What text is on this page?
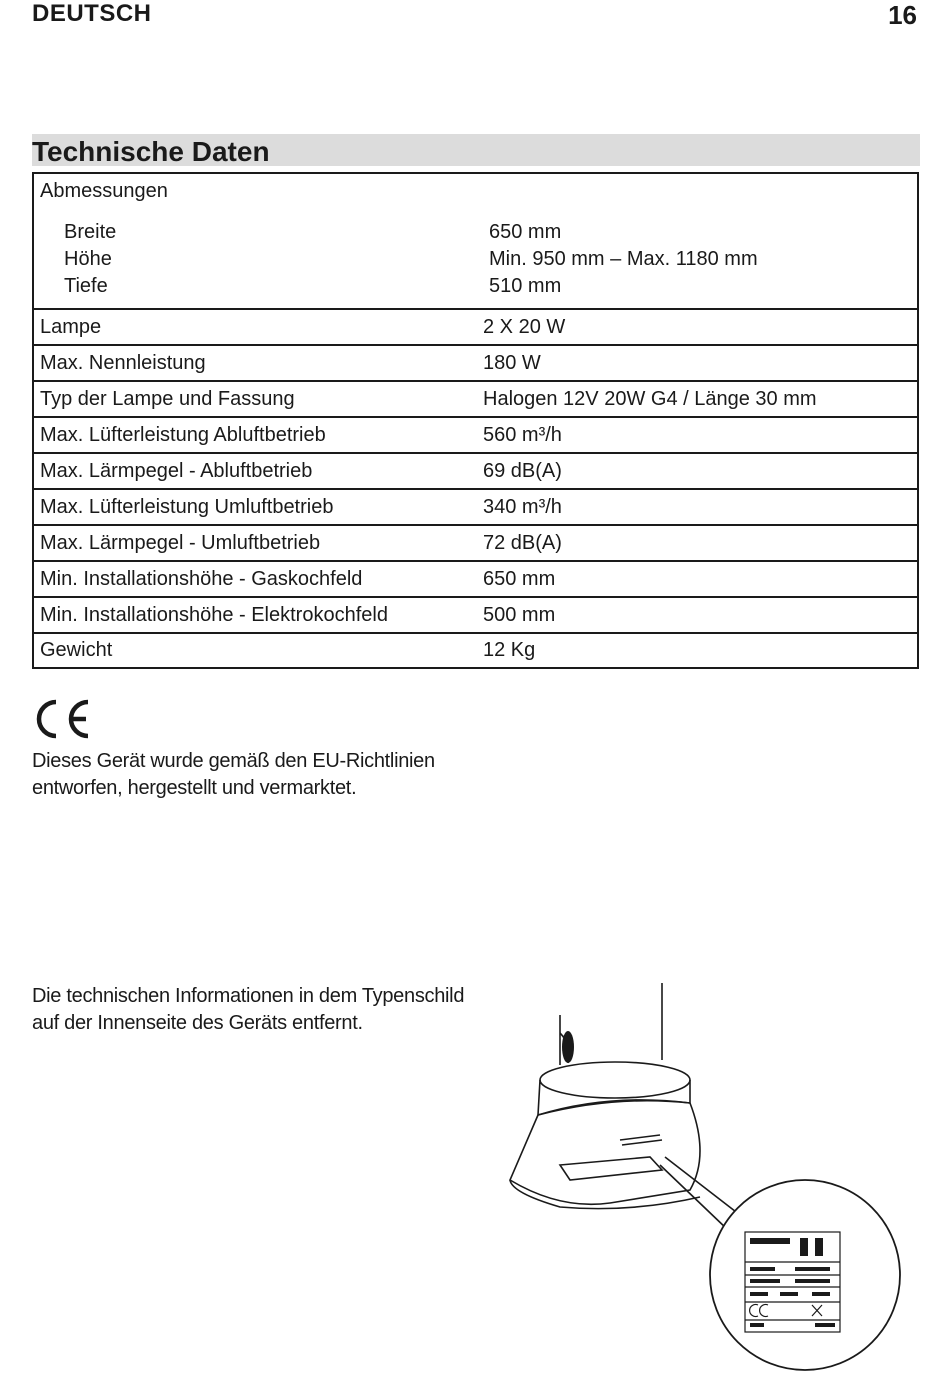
DEUTSCH	16
Technische Daten
Abmessungen
Breite	650 mm
Höhe	Min. 950 mm – Max. 1180 mm
Tiefe	510 mm
Lampe	2 X 20 W
Max. Nennleistung	180 W
Typ der Lampe und Fassung	Halogen 12V 20W G4 / Länge 30 mm
Max. Lüfterleistung Abluftbetrieb	560 m³/h
Max. Lärmpegel - Abluftbetrieb	69 dB(A)
Max. Lüfterleistung Umluftbetrieb	340 m³/h
Max. Lärmpegel - Umluftbetrieb	72 dB(A)
Min. Installationshöhe - Gaskochfeld	650 mm
Min. Installationshöhe - Elektrokochfeld	500 mm
Gewicht	12 Kg
Dieses Gerät wurde gemäß den EU-Richtlinien
entworfen, hergestellt und vermarktet.
Die technischen Informationen in dem Typenschild
auf der Innenseite des Geräts entfernt.
